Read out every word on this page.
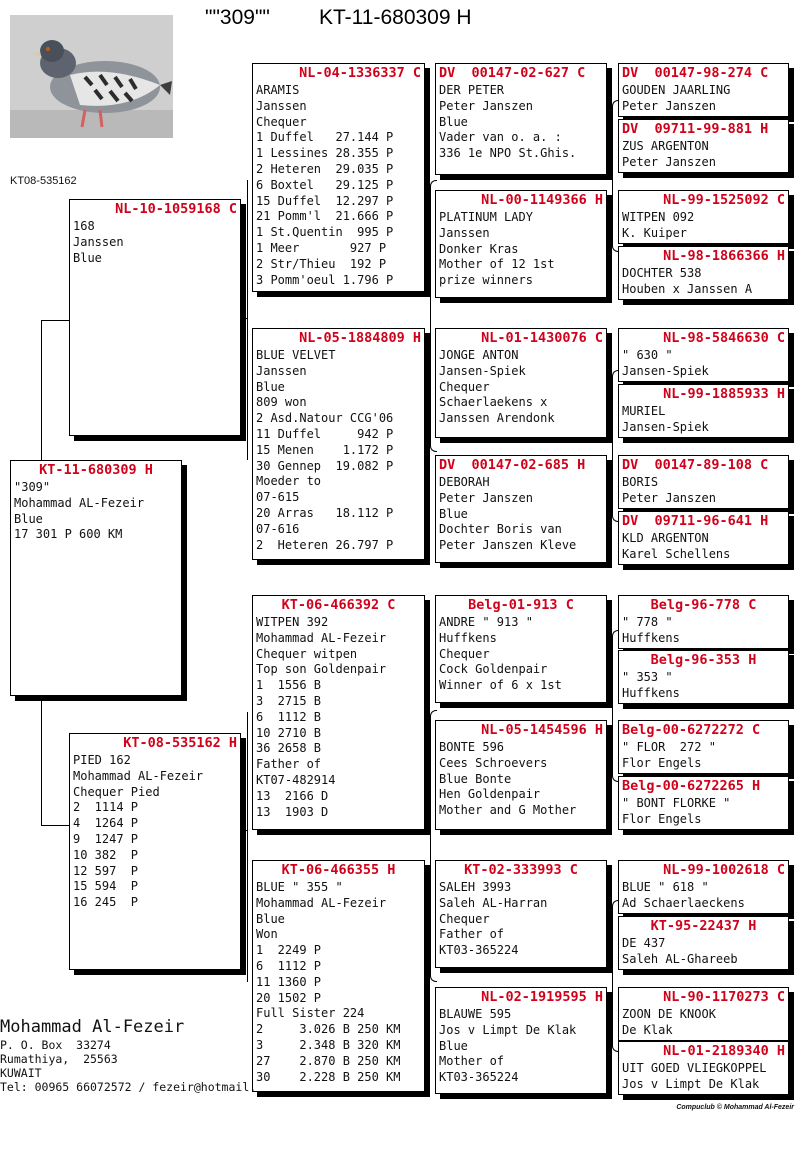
""309"" KT-11-680309 H
KT08-535162
KT-11-680309 H
"309"
Mohammad AL-Fezeir
Blue
17 301 P 600 KM
NL-10-1059168 C
168
Janssen
Blue
KT-08-535162 H
PIED 162
Mohammad AL-Fezeir
Chequer Pied
2  1114 P
4  1264 P
9  1247 P
10 382  P
12 597  P
15 594  P
16 245  P
NL-04-1336337 C
ARAMIS
Janssen
Chequer
1 Duffel   27.144 P
1 Lessines 28.355 P
2 Heteren  29.035 P
6 Boxtel   29.125 P
15 Duffel  12.297 P
21 Pomm'l  21.666 P
1 St.Quentin  995 P
1 Meer       927 P
2 Str/Thieu  192 P
3 Pomm'oeul 1.796 P
NL-05-1884809 H
BLUE VELVET
Janssen
Blue
809 won
2 Asd.Natour CCG'06
11 Duffel     942 P
15 Menen    1.172 P
30 Gennep  19.082 P
Moeder to
07-615
20 Arras   18.112 P
07-616
2  Heteren 26.797 P
KT-06-466392 C
WITPEN 392
Mohammad AL-Fezeir
Chequer witpen
Top son Goldenpair
1  1556 B
3  2715 B
6  1112 B
10 2710 B
36 2658 B
Father of
KT07-482914
13  2166 D
13  1903 D
KT-06-466355 H
BLUE " 355 "
Mohammad AL-Fezeir
Blue
Won
1  2249 P
6  1112 P
11 1360 P
20 1502 P
Full Sister 224
2     3.026 B 250 KM
3     2.348 B 320 KM
27    2.870 B 250 KM
30    2.228 B 250 KM
DV  00147-02-627 C
DER PETER
Peter Janszen
Blue
Vader van o. a. :
336 1e NPO St.Ghis.
NL-00-1149366 H
PLATINUM LADY
Janssen
Donker Kras
Mother of 12 1st
prize winners
NL-01-1430076 C
JONGE ANTON
Jansen-Spiek
Chequer
Schaerlaekens x
Janssen Arendonk
DV  00147-02-685 H
DEBORAH
Peter Janszen
Blue
Dochter Boris van
Peter Janszen Kleve
Belg-01-913 C
ANDRE " 913 "
Huffkens
Chequer
Cock Goldenpair
Winner of 6 x 1st
NL-05-1454596 H
BONTE 596
Cees Schroevers
Blue Bonte
Hen Goldenpair
Mother and G Mother
KT-02-333993 C
SALEH 3993
Saleh AL-Harran
Chequer
Father of
KT03-365224
NL-02-1919595 H
BLAUWE 595
Jos v Limpt De Klak
Blue
Mother of
KT03-365224
DV  00147-98-274 C
GOUDEN JAARLING
Peter Janszen
DV  09711-99-881 H
ZUS ARGENTON
Peter Janszen
NL-99-1525092 C
WITPEN 092
K. Kuiper
NL-98-1866366 H
DOCHTER 538
Houben x Janssen A
NL-98-5846630 C
" 630 "
Jansen-Spiek
NL-99-1885933 H
MURIEL
Jansen-Spiek
DV  00147-89-108 C
BORIS
Peter Janszen
DV  09711-96-641 H
KLD ARGENTON
Karel Schellens
Belg-96-778 C
" 778 "
Huffkens
Belg-96-353 H
" 353 "
Huffkens
Belg-00-6272272 C
" FLOR  272 "
Flor Engels
Belg-00-6272265 H
" BONT FLORKE "
Flor Engels
NL-99-1002618 C
BLUE " 618 "
Ad Schaerlaeckens
KT-95-22437 H
DE 437
Saleh AL-Ghareeb
NL-90-1170273 C
ZOON DE KNOOK
De Klak
NL-01-2189340 H
UIT GOED VLIEGKOPPEL
Jos v Limpt De Klak
Mohammad Al-Fezeir
P. O. Box  33274
Rumathiya,  25563
KUWAIT
Tel: 00965 66072572 / fezeir@hotmail.
Compuclub © Mohammad Al-Fezeir
